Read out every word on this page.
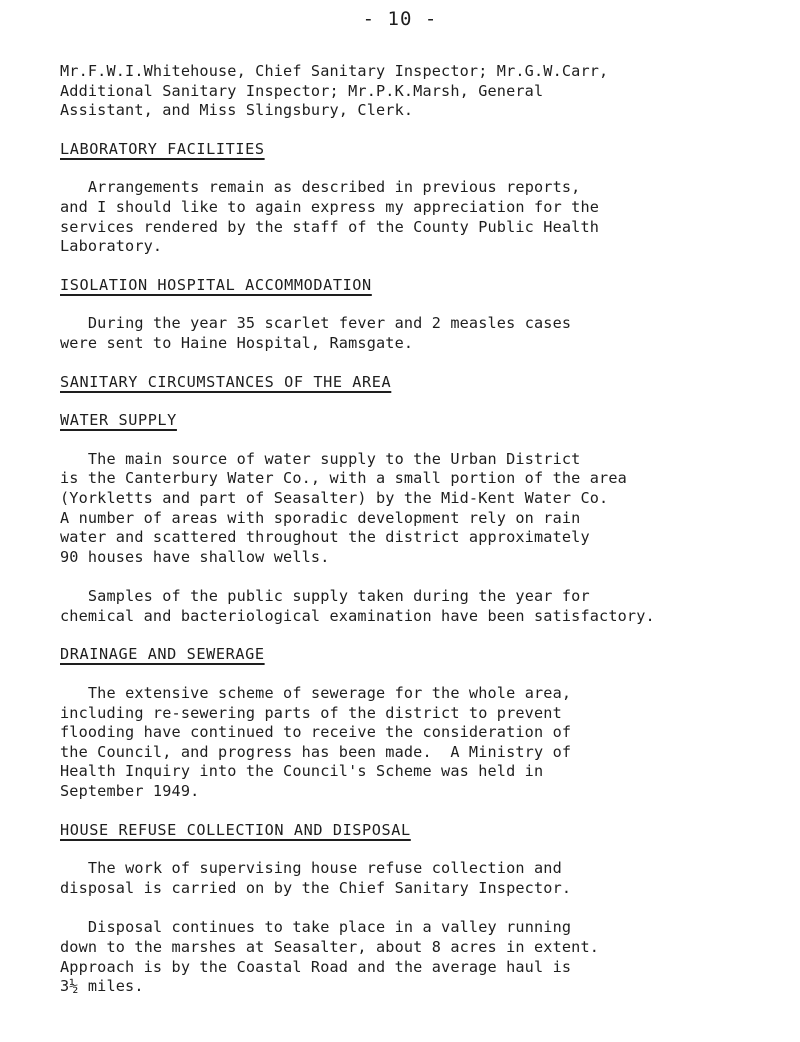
- 10 -

Mr.F.W.I.Whitehouse, Chief Sanitary Inspector; Mr.G.W.Carr,
Additional Sanitary Inspector; Mr.P.K.Marsh, General
Assistant, and Miss Slingsbury, Clerk.

LABORATORY FACILITIES

Arrangements remain as described in previous reports,
and I should like to again express my appreciation for the
services rendered by the staff of the County Public Health
Laboratory.

ISOLATION HOSPITAL ACCOMMODATION

During the year 35 scarlet fever and 2 measles cases
were sent to Haine Hospital, Ramsgate.

SANITARY CIRCUMSTANCES OF THE AREA
WATER SUPPLY

The main source of water supply to the Urban District
is the Canterbury Water Co., with a small portion of the area
(Yorkletts and part of Seasalter) by the Mid-Kent Water Co.
A number of areas with sporadic development rely on rain
water and scattered throughout the district approximately
90 houses have shallow wells.

Samples of the public supply taken during the year for
chemical and bacteriological examination have been satisfactory.

DRAINAGE AND SEWERAGE

The extensive scheme of sewerage for the whole area,
including re-sewering parts of the district to prevent
flooding have continued to receive the consideration of
the Council, and progress has been made.  A Ministry of
Health Inquiry into the Council's Scheme was held in
September 1949.

HOUSE REFUSE COLLECTION AND DISPOSAL

The work of supervising house refuse collection and
disposal is carried on by the Chief Sanitary Inspector.

Disposal continues to take place in a valley running
down to the marshes at Seasalter, about 8 acres in extent.
Approach is by the Coastal Road and the average haul is
3½ miles.
